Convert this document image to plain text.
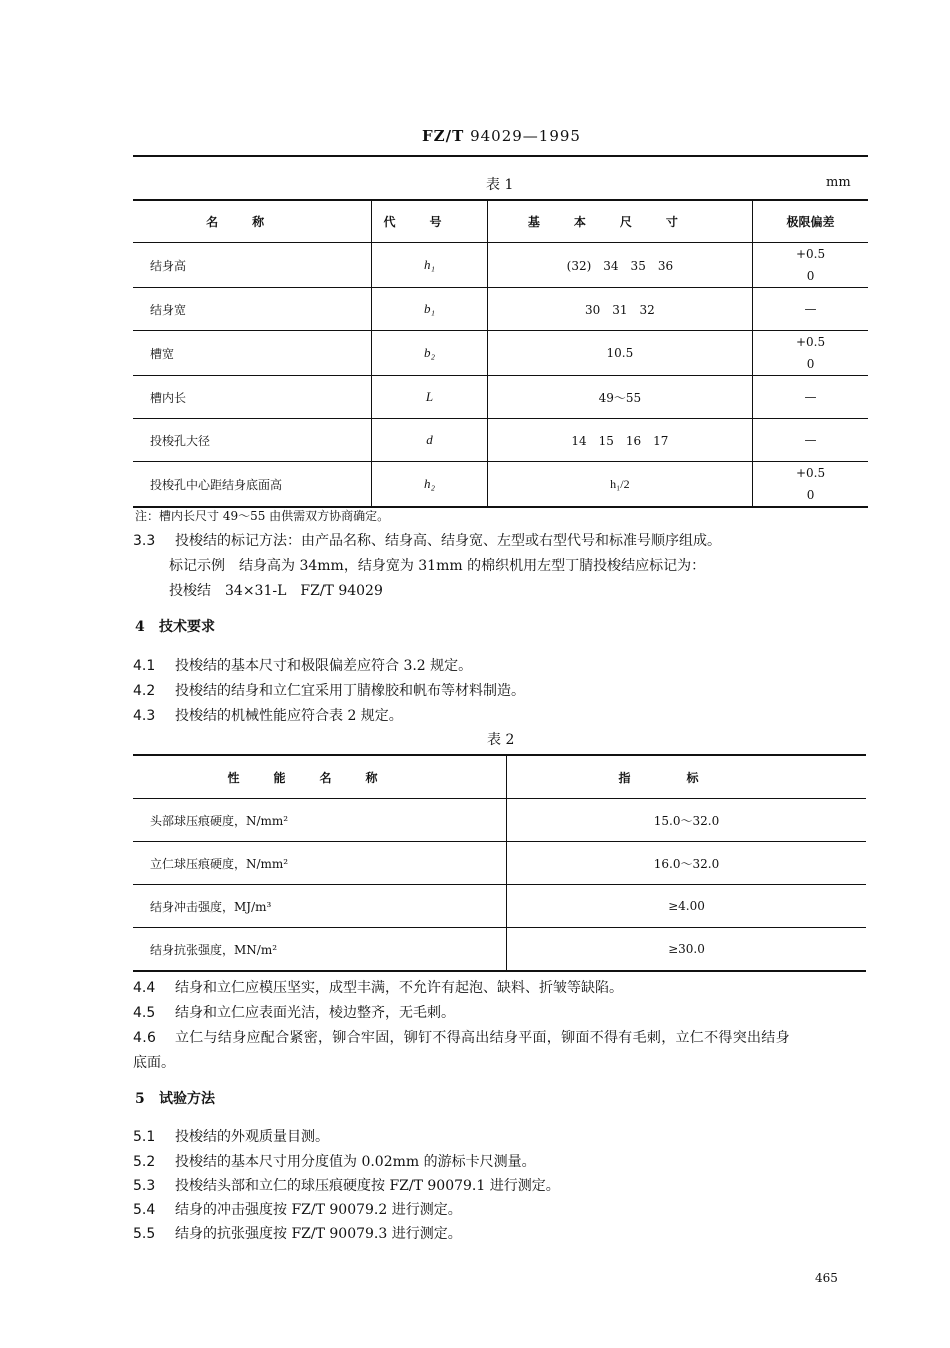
FZ/T 94029—1995
表 1	mm
名称	代号	基本尺寸	极限偏差
结身高	h₁	(32)　34　35　36	+0.5
0

结身宽	b₁	30　31　32	—
槽宽	b₂	10.5	+0.5
0

槽内长	L	49～55	—
投梭孔大径	d	14　15　16　17	—
投梭孔中心距结身底面高	h₂	h₁/2	+0.5
0
注：槽内长尺寸 49～55 由供需双方协商确定。
3.3 投梭结的标记方法：由产品名称、结身高、结身宽、左型或右型代号和标准号顺序组成。
标记示例　结身高为 34mm，结身宽为 31mm 的棉织机用左型丁腈投梭结应标记为：
投梭结　34×31-L　FZ/T 94029
4 技术要求
4.1 投梭结的基本尺寸和极限偏差应符合 3.2 规定。
4.2 投梭结的结身和立仁宜采用丁腈橡胶和帆布等材料制造。
4.3 投梭结的机械性能应符合表 2 规定。
表 2
性能名称	指标
头部球压痕硬度，N/mm²	15.0～32.0
立仁球压痕硬度，N/mm²	16.0～32.0
结身冲击强度，MJ/m³	≥4.00
结身抗张强度，MN/m²	≥30.0
4.4 结身和立仁应模压坚实，成型丰满，不允许有起泡、缺料、折皱等缺陷。
4.5 结身和立仁应表面光洁，棱边整齐，无毛刺。
4.6 立仁与结身应配合紧密，铆合牢固，铆钉不得高出结身平面，铆面不得有毛刺，立仁不得突出结身
底面。
5 试验方法
5.1 投梭结的外观质量目测。
5.2 投梭结的基本尺寸用分度值为 0.02mm 的游标卡尺测量。
5.3 投梭结头部和立仁的球压痕硬度按 FZ/T 90079.1 进行测定。
5.4 结身的冲击强度按 FZ/T 90079.2 进行测定。
5.5 结身的抗张强度按 FZ/T 90079.3 进行测定。
465
